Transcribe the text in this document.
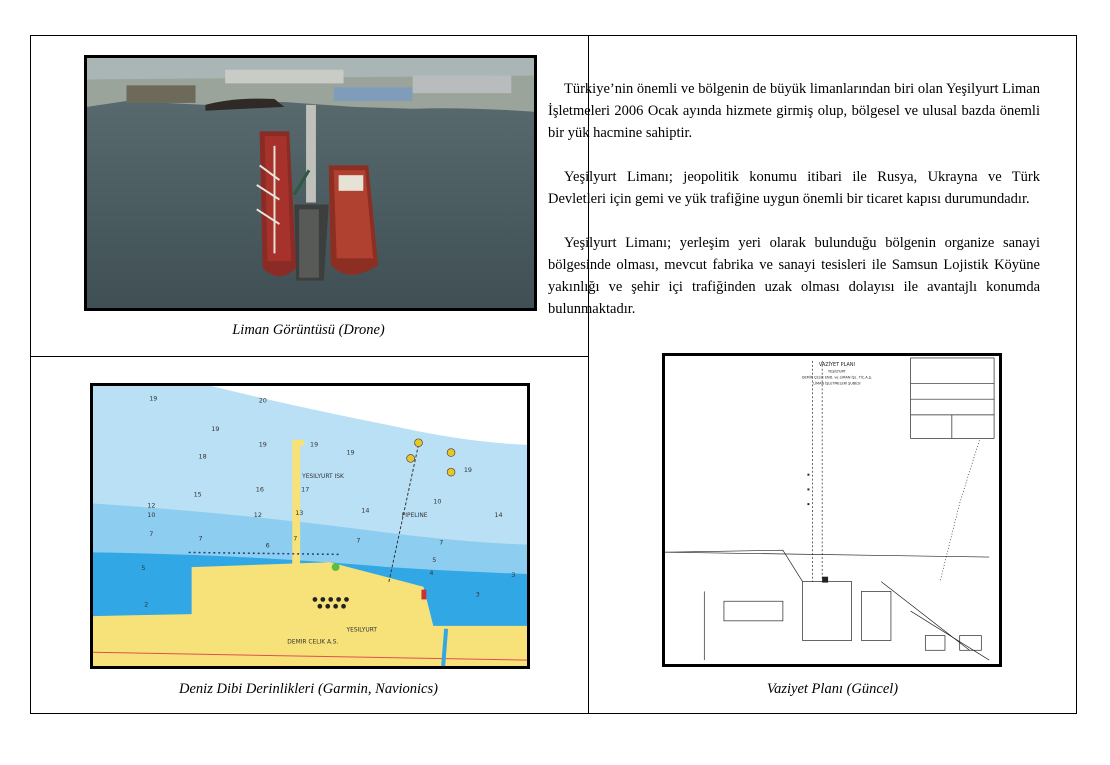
Liman Görüntüsü (Drone)
19	20
19
18
19	19
19
19
16
15
17
12
10	12	13	14
10
14
7
7
6
7	7	7
5
4	3
5
2
3
YESILYURT ISK
PIPELINE
DEMIR CELIK A.S.
YESILYURT
Deniz Dibi Derinlikleri (Garmin, Navionics)

Türkiye’nin önemli ve bölgenin de büyük limanlarından biri olan Yeşilyurt Liman İşletmeleri 2006 Ocak ayında hizmete girmiş olup, bölgesel ve ulusal bazda önemli bir yük hacmine sahiptir.

Yeşilyurt Limanı; jeopolitik konumu itibari ile Rusya, Ukrayna ve Türk Devletleri için gemi ve yük trafiğine uygun önemli bir ticaret kapısı durumundadır.

Yeşilyurt Limanı; yerleşim yeri olarak bulunduğu bölgenin organize sanayi bölgesinde olması, mevcut fabrika ve sanayi tesisleri ile Samsun Lojistik Köyüne yakınlığı ve şehir içi trafiğinden uzak olması dolayısı ile avantajlı konumda bulunmaktadır.

VAZİYET PLANI
YEŞİLYURT
DEMİR ÇELİK END. ve LİMAN İŞL. TİC.A.Ş.
LİMAN İŞLETMELERİ ŞUBESİ
Vaziyet Planı (Güncel)
